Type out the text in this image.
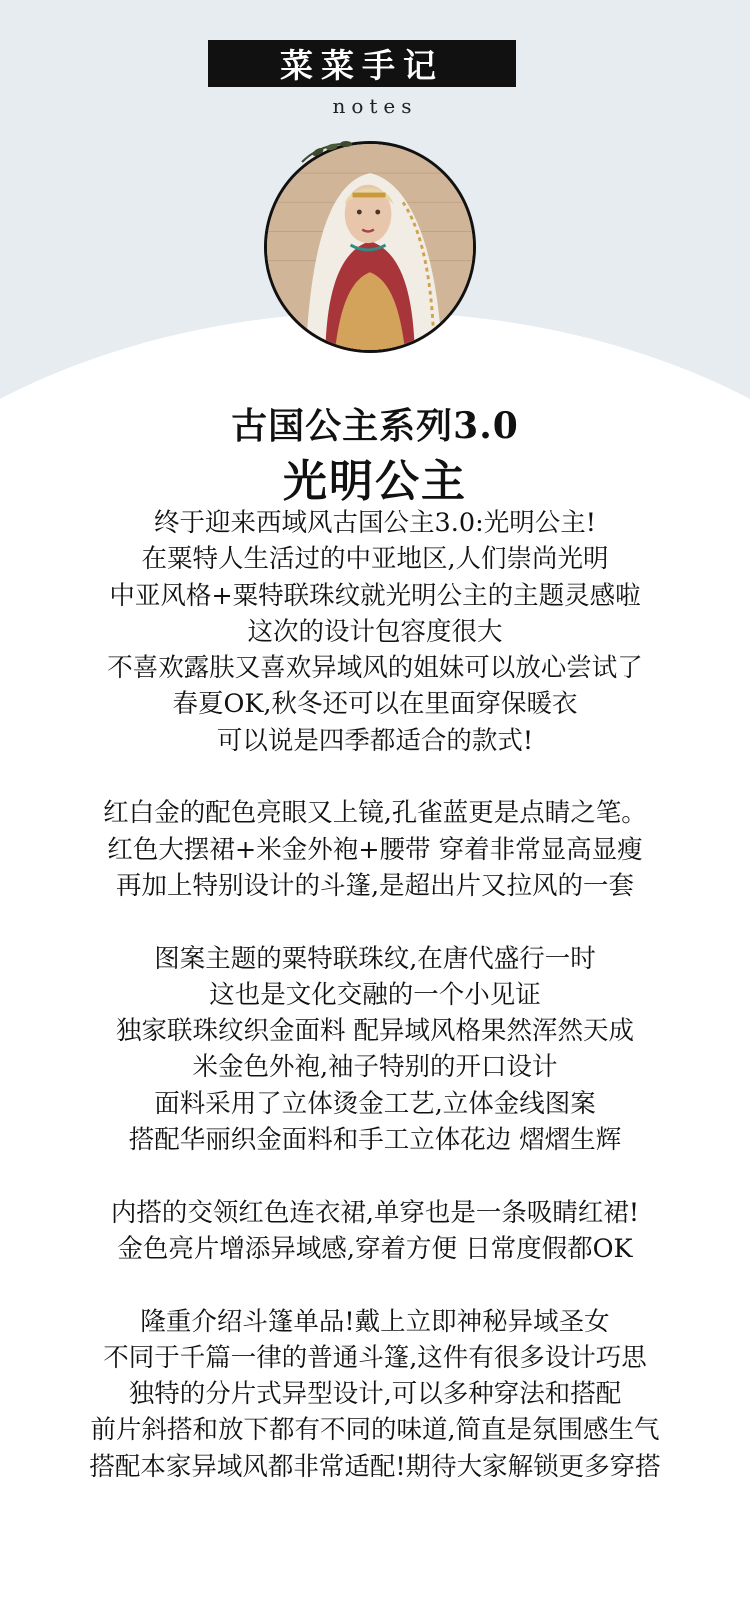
菜菜手记
notes
古国公主系列3.0
光明公主
终于迎来西域风古国公主3.0:光明公主!
在粟特人生活过的中亚地区,人们崇尚光明
中亚风格+粟特联珠纹就光明公主的主题灵感啦
这次的设计包容度很大
不喜欢露肤又喜欢异域风的姐妹可以放心尝试了
春夏OK,秋冬还可以在里面穿保暖衣
可以说是四季都适合的款式!
红白金的配色亮眼又上镜,孔雀蓝更是点睛之笔。
红色大摆裙+米金外袍+腰带 穿着非常显高显瘦
再加上特别设计的斗篷,是超出片又拉风的一套
图案主题的粟特联珠纹,在唐代盛行一时
这也是文化交融的一个小见证
独家联珠纹织金面料 配异域风格果然浑然天成
米金色外袍,袖子特别的开口设计
面料采用了立体烫金工艺,立体金线图案
搭配华丽织金面料和手工立体花边 熠熠生辉
内搭的交领红色连衣裙,单穿也是一条吸睛红裙!
金色亮片增添异域感,穿着方便 日常度假都OK
隆重介绍斗篷单品!戴上立即神秘异域圣女
不同于千篇一律的普通斗篷,这件有很多设计巧思
独特的分片式异型设计,可以多种穿法和搭配
前片斜搭和放下都有不同的味道,简直是氛围感生气
搭配本家异域风都非常适配!期待大家解锁更多穿搭
